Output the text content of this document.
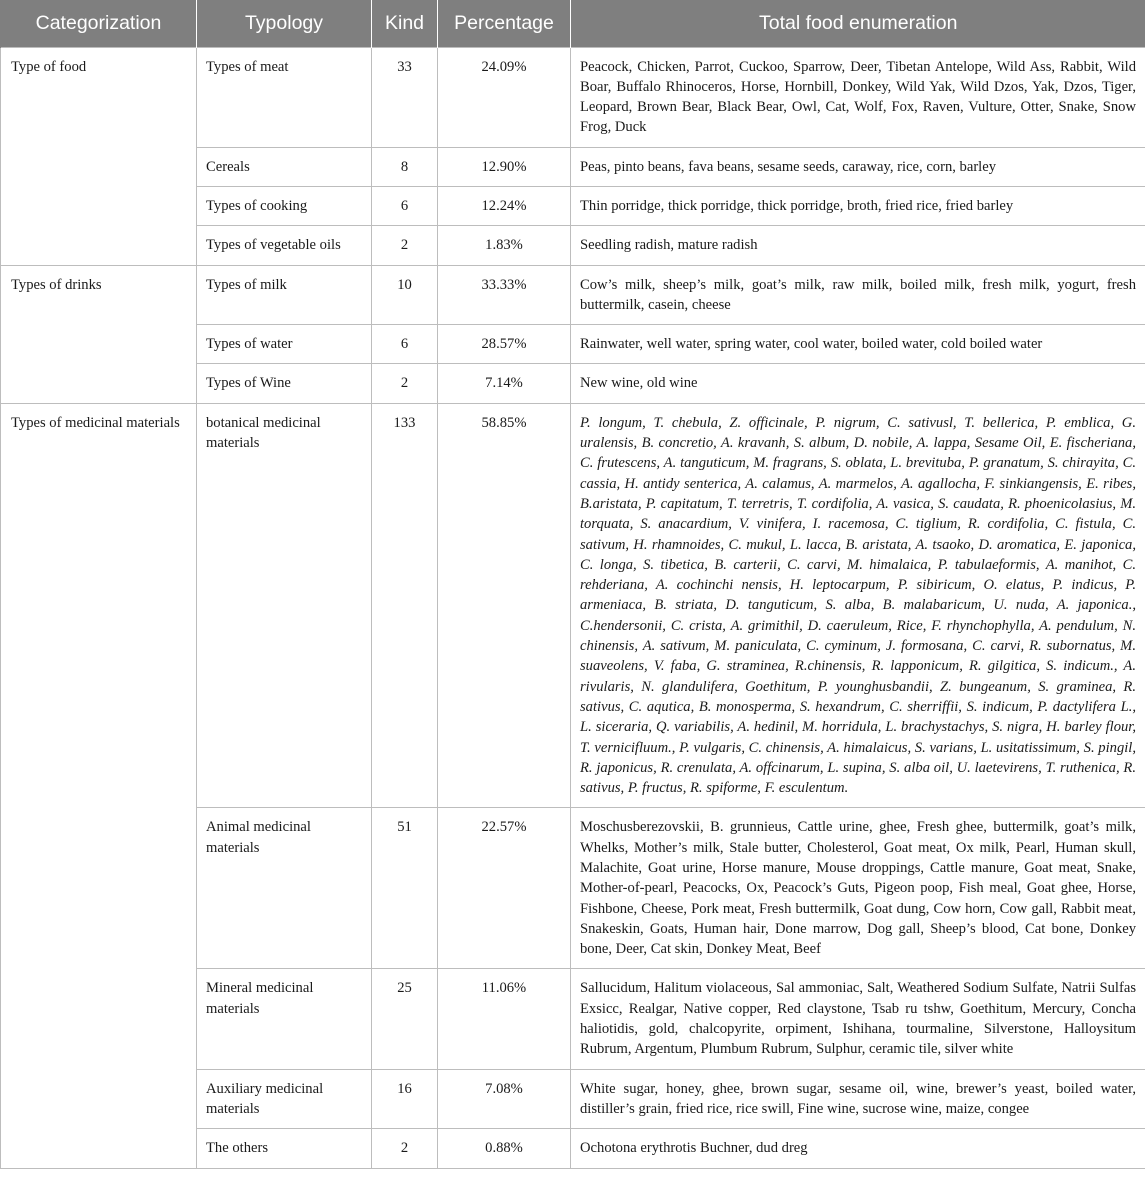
Categorization	Typology	Kind	Percentage	Total food enumeration
Type of food	Types of meat	33	24.09%	Peacock, Chicken, Parrot, Cuckoo, Sparrow, Deer, Tibetan Antelope, Wild Ass, Rabbit, Wild Boar, Buffalo Rhinoceros, Horse, Hornbill, Donkey, Wild Yak, Wild Dzos, Yak, Dzos, Tiger, Leopard, Brown Bear, Black Bear, Owl, Cat, Wolf, Fox, Raven, Vulture, Otter, Snake, Snow Frog, Duck
	Cereals	8	12.90%	Peas, pinto beans, fava beans, sesame seeds, caraway, rice, corn, barley
	Types of cooking	6	12.24%	Thin porridge, thick porridge, thick porridge, broth, fried rice, fried barley
	Types of vegetable oils	2	1.83%	Seedling radish, mature radish
Types of drinks	Types of milk	10	33.33%	Cow’s milk, sheep’s milk, goat’s milk, raw milk, boiled milk, fresh milk, yogurt, fresh buttermilk, casein, cheese
	Types of water	6	28.57%	Rainwater, well water, spring water, cool water, boiled water, cold boiled water
	Types of Wine	2	7.14%	New wine, old wine
Types of medicinal materials	botanical medicinal materials	133	58.85%	P. longum, T. chebula, Z. officinale, P. nigrum, C. sativusl, T. bellerica, P. emblica, G. uralensis, B. concretio, A. kravanh, S. album, D. nobile, A. lappa, Sesame Oil, E. fischeriana, C. frutescens, A. tanguticum, M. fragrans, S. oblata, L. brevituba, P. granatum, S. chirayita, C. cassia, H. antidy senterica, A. calamus, A. marmelos, A. agallocha, F. sinkiangensis, E. ribes, B.aristata, P. capitatum, T. terretris, T. cordifolia, A. vasica, S. caudata, R. phoenicolasius, M. torquata, S. anacardium, V. vinifera, I. racemosa, C. tiglium, R. cordifolia, C. fistula, C. sativum, H. rhamnoides, C. mukul, L. lacca, B. aristata, A. tsaoko, D. aromatica, E. japonica, C. longa, S. tibetica, B. carterii, C. carvi, M. himalaica, P. tabulaeformis, A. manihot, C. rehderiana, A. cochinchi nensis, H. leptocarpum, P. sibiricum, O. elatus, P. indicus, P. armeniaca, B. striata, D. tanguticum, S. alba, B. malabaricum, U. nuda, A. japonica., C.hendersonii, C. crista, A. grimithil, D. caeruleum, Rice, F. rhynchophylla, A. pendulum, N. chinensis, A. sativum, M. paniculata, C. cyminum, J. formosana, C. carvi, R. subornatus, M. suaveolens, V. faba, G. straminea, R.chinensis, R. lapponicum, R. gilgitica, S. indicum., A. rivularis, N. glandulifera, Goethitum, P. younghusbandii, Z. bungeanum, S. graminea, R. sativus, C. aqutica, B. monosperma, S. hexandrum, C. sherriffii, S. indicum, P. dactylifera L., L. siceraria, Q. variabilis, A. hedinil, M. horridula, L. brachystachys, S. nigra, H. barley flour, T. vernicifluum., P. vulgaris, C. chinensis, A. himalaicus, S. varians, L. usitatissimum, S. pingil, R. japonicus, R. crenulata, A. offcinarum, L. supina, S. alba oil, U. laetevirens, T. ruthenica, R. sativus, P. fructus, R. spiforme, F. esculentum.
	Animal medicinal materials	51	22.57%	Moschusberezovskii, B. grunnieus, Cattle urine, ghee, Fresh ghee, buttermilk, goat’s milk, Whelks, Mother’s milk, Stale butter, Cholesterol, Goat meat, Ox milk, Pearl, Human skull, Malachite, Goat urine, Horse manure, Mouse droppings, Cattle manure, Goat meat, Snake, Mother-of-pearl, Peacocks, Ox, Peacock’s Guts, Pigeon poop, Fish meal, Goat ghee, Horse, Fishbone, Cheese, Pork meat, Fresh buttermilk, Goat dung, Cow horn, Cow gall, Rabbit meat, Snakeskin, Goats, Human hair, Done marrow, Dog gall, Sheep’s blood, Cat bone, Donkey bone, Deer, Cat skin, Donkey Meat, Beef
	Mineral medicinal materials	25	11.06%	Sallucidum, Halitum violaceous, Sal ammoniac, Salt, Weathered Sodium Sulfate, Natrii Sulfas Exsicc, Realgar, Native copper, Red claystone, Tsab ru tshw, Goethitum, Mercury, Concha haliotidis, gold, chalcopyrite, orpiment, Ishihana, tourmaline, Silverstone, Halloysitum Rubrum, Argentum, Plumbum Rubrum, Sulphur, ceramic tile, silver white
	Auxiliary medicinal materials	16	7.08%	White sugar, honey, ghee, brown sugar, sesame oil, wine, brewer’s yeast, boiled water, distiller’s grain, fried rice, rice swill, Fine wine, sucrose wine, maize, congee
	The others	2	0.88%	Ochotona erythrotis Buchner, dud dreg
